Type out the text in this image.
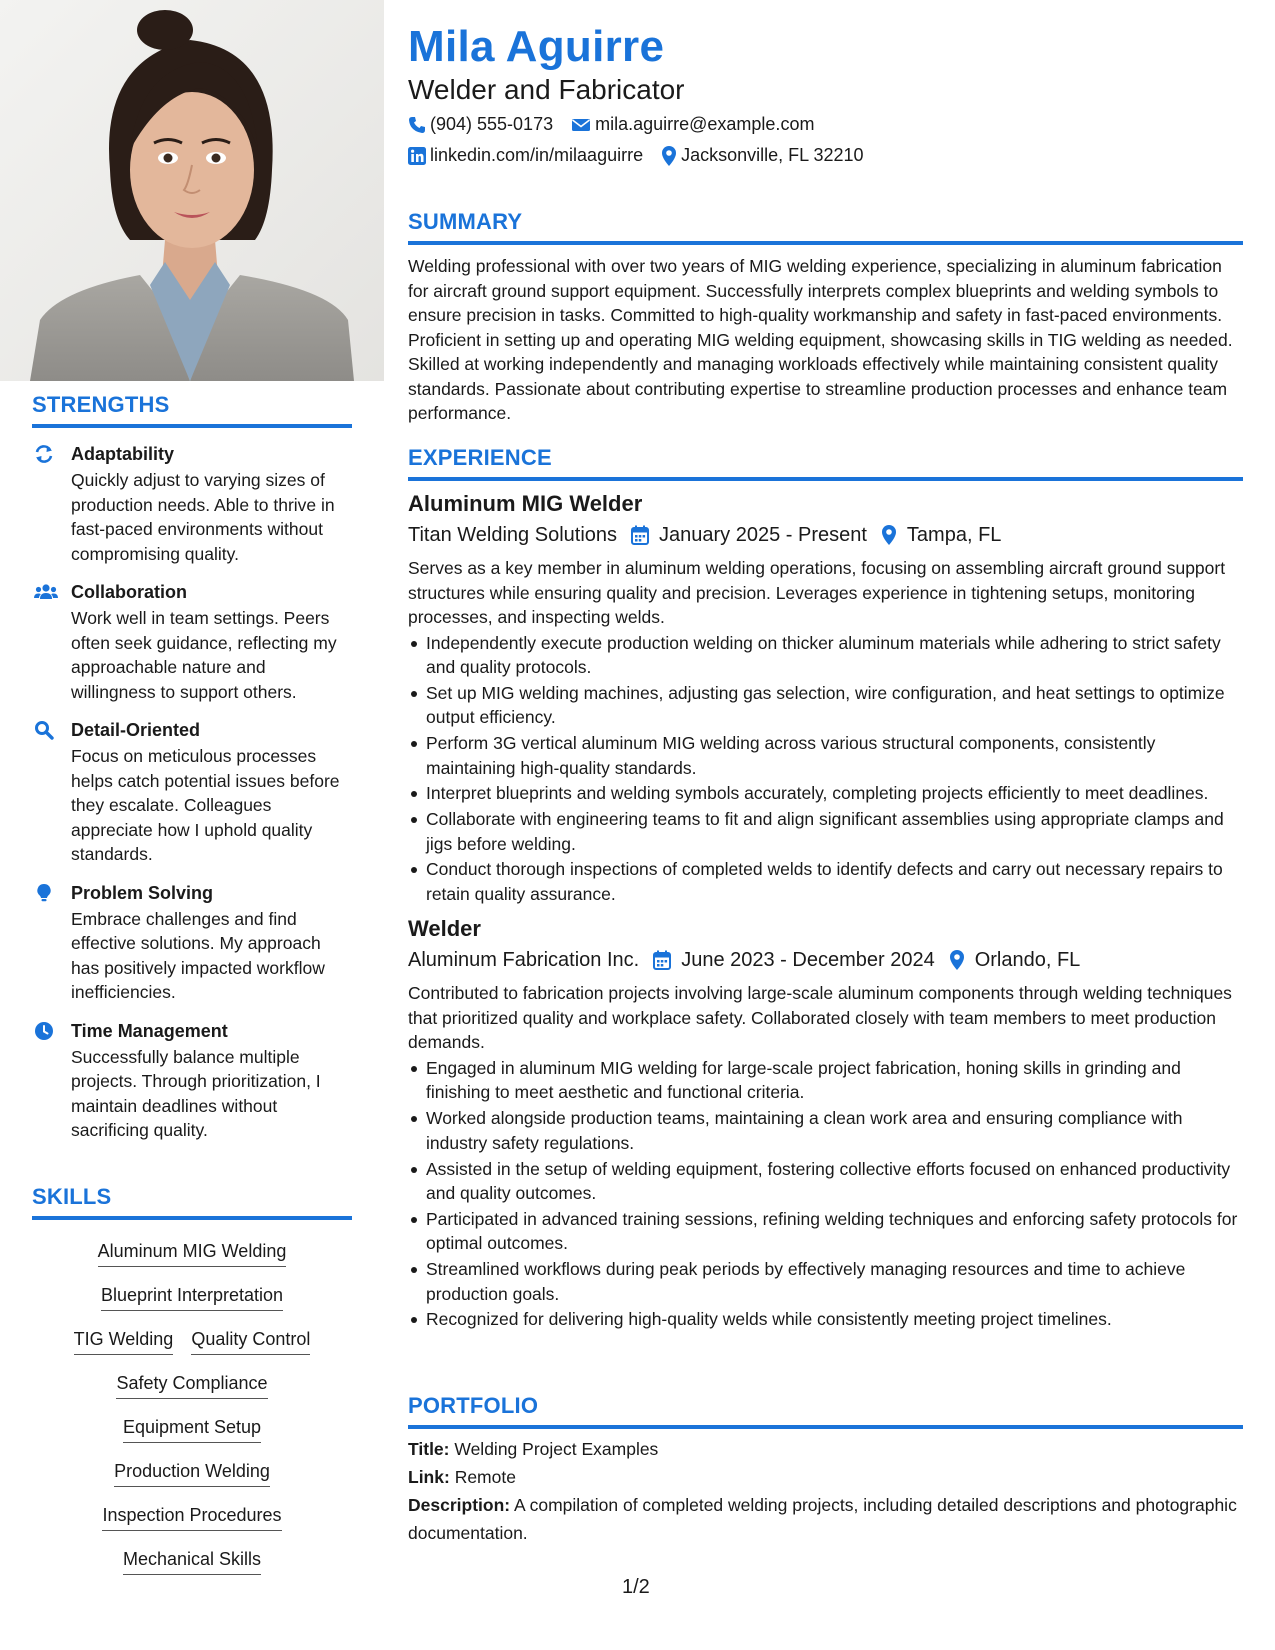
STRENGTHS
Adaptability
Quickly adjust to varying sizes of production needs. Able to thrive in fast-paced environments without compromising quality.
Collaboration
Work well in team settings. Peers often seek guidance, reflecting my approachable nature and willingness to support others.
Detail-Oriented
Focus on meticulous processes helps catch potential issues before they escalate. Colleagues appreciate how I uphold quality standards.
Problem Solving
Embrace challenges and find effective solutions. My approach has positively impacted workflow inefficiencies.
Time Management
Successfully balance multiple projects. Through prioritization, I maintain deadlines without sacrificing quality.
SKILLS
Aluminum MIG Welding
Blueprint Interpretation
TIG Welding Quality Control
Safety Compliance
Equipment Setup
Production Welding
Inspection Procedures
Mechanical Skills
Mila Aguirre
Welder and Fabricator
(904) 555-0173 mila.aguirre@example.com
linkedin.com/in/milaaguirre Jacksonville, FL 32210
SUMMARY
Welding professional with over two years of MIG welding experience, specializing in aluminum fabrication for aircraft ground support equipment. Successfully interprets complex blueprints and welding symbols to ensure precision in tasks. Committed to high-quality workmanship and safety in fast-paced environments. Proficient in setting up and operating MIG welding equipment, showcasing skills in TIG welding as needed. Skilled at working independently and managing workloads effectively while maintaining consistent quality standards. Passionate about contributing expertise to streamline production processes and enhance team performance.
EXPERIENCE
Aluminum MIG Welder
Titan Welding Solutions January 2025 - Present Tampa, FL
Serves as a key member in aluminum welding operations, focusing on assembling aircraft ground support structures while ensuring quality and precision. Leverages experience in tightening setups, monitoring processes, and inspecting welds.
Independently execute production welding on thicker aluminum materials while adhering to strict safety and quality protocols.
Set up MIG welding machines, adjusting gas selection, wire configuration, and heat settings to optimize output efficiency.
Perform 3G vertical aluminum MIG welding across various structural components, consistently maintaining high-quality standards.
Interpret blueprints and welding symbols accurately, completing projects efficiently to meet deadlines.
Collaborate with engineering teams to fit and align significant assemblies using appropriate clamps and jigs before welding.
Conduct thorough inspections of completed welds to identify defects and carry out necessary repairs to retain quality assurance.
Welder
Aluminum Fabrication Inc. June 2023 - December 2024 Orlando, FL
Contributed to fabrication projects involving large-scale aluminum components through welding techniques that prioritized quality and workplace safety. Collaborated closely with team members to meet production demands.
Engaged in aluminum MIG welding for large-scale project fabrication, honing skills in grinding and finishing to meet aesthetic and functional criteria.
Worked alongside production teams, maintaining a clean work area and ensuring compliance with industry safety regulations.
Assisted in the setup of welding equipment, fostering collective efforts focused on enhanced productivity and quality outcomes.
Participated in advanced training sessions, refining welding techniques and enforcing safety protocols for optimal outcomes.
Streamlined workflows during peak periods by effectively managing resources and time to achieve production goals.
Recognized for delivering high-quality welds while consistently meeting project timelines.
PORTFOLIO
Title: Welding Project Examples
Link: Remote
Description: A compilation of completed welding projects, including detailed descriptions and photographic documentation.
1/2
